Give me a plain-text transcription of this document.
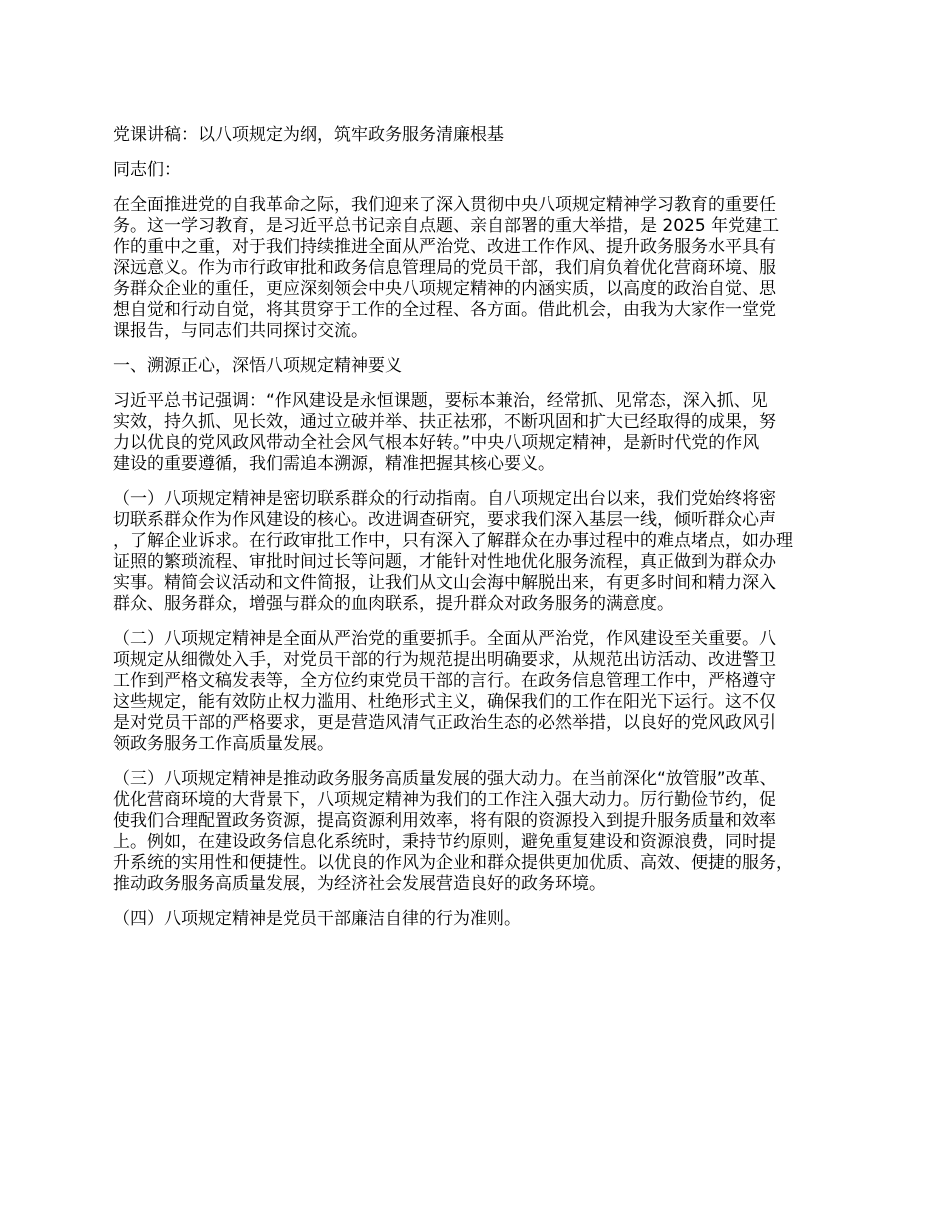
党课讲稿：以八项规定为纲，筑牢政务服务清廉根基
同志们：
在全面推进党的自我革命之际，我们迎来了深入贯彻中央八项规定精神学习教育的重要任
务。这一学习教育，是习近平总书记亲自点题、亲自部署的重大举措，是 2025 年党建工
作的重中之重，对于我们持续推进全面从严治党、改进工作作风、提升政务服务水平具有
深远意义。作为市行政审批和政务信息管理局的党员干部，我们肩负着优化营商环境、服
务群众企业的重任，更应深刻领会中央八项规定精神的内涵实质，以高度的政治自觉、思
想自觉和行动自觉，将其贯穿于工作的全过程、各方面。借此机会，由我为大家作一堂党
课报告，与同志们共同探讨交流。
一、溯源正心，深悟八项规定精神要义
习近平总书记强调：“作风建设是永恒课题，要标本兼治，经常抓、见常态，深入抓、见
实效，持久抓、见长效，通过立破并举、扶正祛邪，不断巩固和扩大已经取得的成果，努
力以优良的党风政风带动全社会风气根本好转。”中央八项规定精神，是新时代党的作风
建设的重要遵循，我们需追本溯源，精准把握其核心要义。
（一）八项规定精神是密切联系群众的行动指南。自八项规定出台以来，我们党始终将密
切联系群众作为作风建设的核心。改进调查研究，要求我们深入基层一线，倾听群众心声
，了解企业诉求。在行政审批工作中，只有深入了解群众在办事过程中的难点堵点，如办理
证照的繁琐流程、审批时间过长等问题，才能针对性地优化服务流程，真正做到为群众办
实事。精简会议活动和文件简报，让我们从文山会海中解脱出来，有更多时间和精力深入
群众、服务群众，增强与群众的血肉联系，提升群众对政务服务的满意度。
（二）八项规定精神是全面从严治党的重要抓手。全面从严治党，作风建设至关重要。八
项规定从细微处入手，对党员干部的行为规范提出明确要求，从规范出访活动、改进警卫
工作到严格文稿发表等，全方位约束党员干部的言行。在政务信息管理工作中，严格遵守
这些规定，能有效防止权力滥用、杜绝形式主义，确保我们的工作在阳光下运行。这不仅
是对党员干部的严格要求，更是营造风清气正政治生态的必然举措，以良好的党风政风引
领政务服务工作高质量发展。
（三）八项规定精神是推动政务服务高质量发展的强大动力。在当前深化“放管服”改革、
优化营商环境的大背景下，八项规定精神为我们的工作注入强大动力。厉行勤俭节约，促
使我们合理配置政务资源，提高资源利用效率，将有限的资源投入到提升服务质量和效率
上。例如，在建设政务信息化系统时，秉持节约原则，避免重复建设和资源浪费，同时提
升系统的实用性和便捷性。以优良的作风为企业和群众提供更加优质、高效、便捷的服务，
推动政务服务高质量发展，为经济社会发展营造良好的政务环境。
（四）八项规定精神是党员干部廉洁自律的行为准则。
